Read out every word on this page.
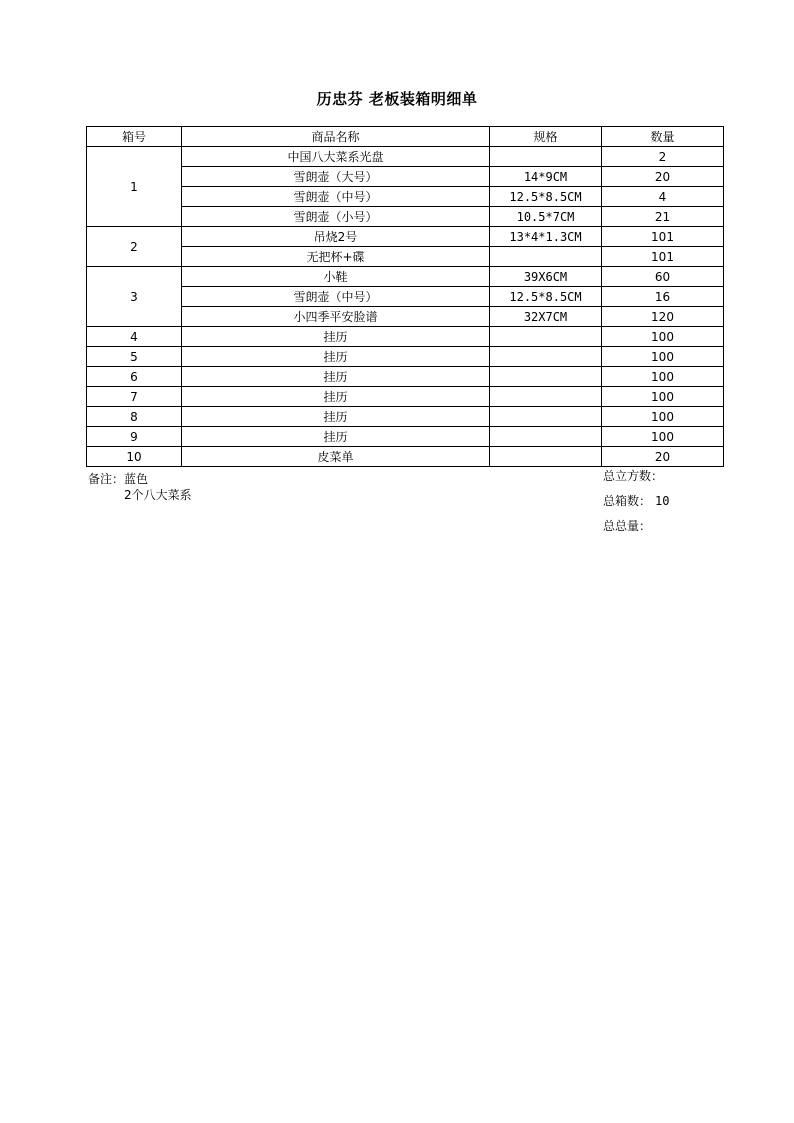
历忠芬 老板装箱明细单
箱号	商品名称	规格	数量
1	中国八大菜系光盘		2
	雪朗壶（大号）	14*9CM	20
	雪朗壶（中号）	12.5*8.5CM	4
	雪朗壶（小号）	10.5*7CM	21
2	吊烧2号	13*4*1.3CM	101
	无把杯+碟		101
3	小鞋	39X6CM	60
	雪朗壶（中号）	12.5*8.5CM	16
	小四季平安脸谱	32X7CM	120
4	挂历		100
5	挂历		100
6	挂历		100
7	挂历		100
8	挂历		100
9	挂历		100
10	皮菜单		20
备注：蓝色
2个八大菜系
总立方数：
总箱数： 10
总总量：
